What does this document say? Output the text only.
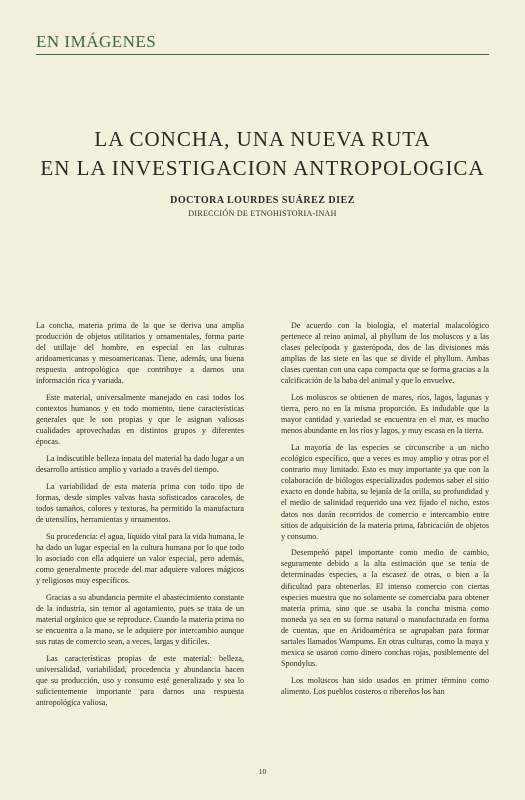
EN IMÁGENES
LA CONCHA, UNA NUEVA RUTA
EN LA INVESTIGACION ANTROPOLOGICA
DOCTORA LOURDES SUÁREZ DIEZ
DIRECCIÓN DE ETNOHISTORIA-INAH

La concha, materia prima de la que se deriva una amplia producción de objetos utilitarios y ornamentales, forma parte del utillaje del hombre, en especial en las culturas aridoamericanas y mesoamericanas. Tiene, además, una buena respuesta antropológica que contribuye a darnos una información rica y variada.

Este material, universalmente manejado en casi todos los contextos humanos y en todo momento, tiene características generales que le son propias y que le asignan valiosas cualidades aprovechadas en distintos grupos y diferentes épocas.

La indiscutible belleza innata del material ha dado lugar a un desarrollo artístico amplio y variado a través del tiempo.

La variabilidad de esta materia prima con todo tipo de formas, desde simples valvas hasta sofisticados caracoles, de todos tamaños, colores y texturas, ha permitido la manufactura de utensilios, herramientas y ornamentos.

Su procedencia: el agua, líquido vital para la vida humana, le ha dado un lugar especial en la cultura humana por lo que todo lo asociado con ella adquiere un valor especial, pero además, como generalmente procede del mar adquiere valores mágicos y religiosos muy específicos.

Gracias a su abundancia permite el abastecimiento constante de la industria, sin temor al agotamiento, pues se trata de un material orgánico que se reproduce. Cuando la materia prima no se encuentra a la mano, se le adquiere por intercambio aunque sus rutas de comercio sean, a veces, largas y difíciles.

Las características propias de este material: belleza, universalidad, variabilidad, procedencia y abundancia hacen que su producción, uso y consumo esté generalizado y sea lo suficientemente importante para darnos una respuesta antropológica valiosa.

De acuerdo con la biología, el material malacológico pertenece al reino animal, al phyllum de los moluscos y a las clases pelecípoda y gasterópoda, dos de las divisiones más amplias de las siete en las que se divide el phyllum. Ambas clases cuentan con una capa compacta que se forma gracias a la calcificación de la baba del animal y que lo envuelve.

Los moluscos se obtienen de mares, ríos, lagos, lagunas y tierra, pero no en la misma proporción. Es indudable que la mayor cantidad y variedad se encuentra en el mar, es mucho menos abundante en los ríos y lagos, y muy escasa en la tierra.

La mayoría de las especies se circunscribe a un nicho ecológico específico, que a veces es muy amplio y otras por el contrario muy limitado. Esto es muy importante ya que con la colaboración de biólogos especializados podemos saber el sitio exacto en donde habita, su lejanía de la orilla, su profundidad y el medio de salinidad requerido una vez fijado el nicho, estos datos nos darán recorridos de comercio e intercambio entre sitios de adquisición de la materia prima, fabricación de objetos y consumo.

Desempeñó papel importante como medio de cambio, seguramente debido a la alta estimación que se tenía de determinadas especies, a la escasez de otras, o bien a la dificultad para obtenerlas. El intenso comercio con ciertas especies muestra que no solamente se comerciaba para obtener materia prima, sino que se usaba la concha misma como moneda ya sea en su forma natural o manufacturada en forma de cuentas, que en Aridoamérica se agrupaban para formar sartales llamados Wampums. En otras culturas, como la maya y mexica se usaron como dinero conchas rojas, posiblemente del Spondylus.

Los moluscos han sido usados en primer término como alimento. Los pueblos costeros o ribereños los han

10
